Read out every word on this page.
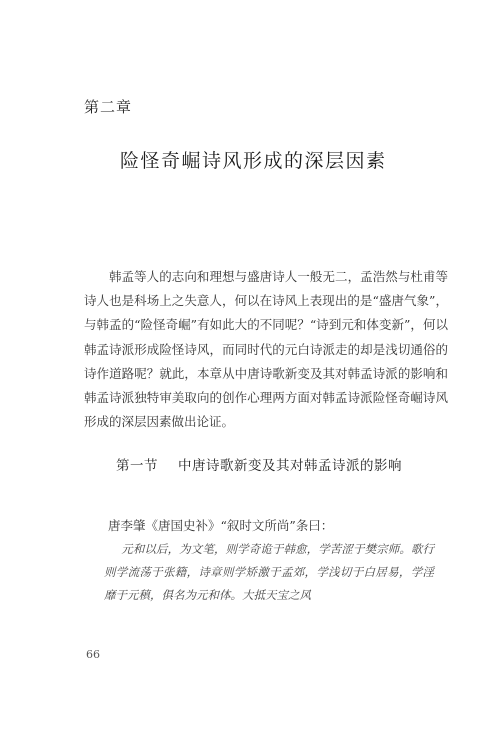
第二章
险怪奇崛诗风形成的深层因素

韩孟等人的志向和理想与盛唐诗人一般无二，孟浩然与杜甫等诗人也是科场上之失意人，何以在诗风上表现出的是“盛唐气象”，与韩孟的“险怪奇崛”有如此大的不同呢？“诗到元和体变新”，何以韩孟诗派形成险怪诗风，而同时代的元白诗派走的却是浅切通俗的诗作道路呢？就此，本章从中唐诗歌新变及其对韩孟诗派的影响和韩孟诗派独特审美取向的创作心理两方面对韩孟诗派险怪奇崛诗风形成的深层因素做出论证。

第一节 中唐诗歌新变及其对韩孟诗派的影响

唐李肇《唐国史补》“叙时文所尚”条曰：

元和以后，为文笔，则学奇诡于韩愈，学苦涩于樊宗师。歌行则学流荡于张籍，诗章则学矫激于孟郊，学浅切于白居易，学淫靡于元稹，俱名为元和体。大抵天宝之风

66
